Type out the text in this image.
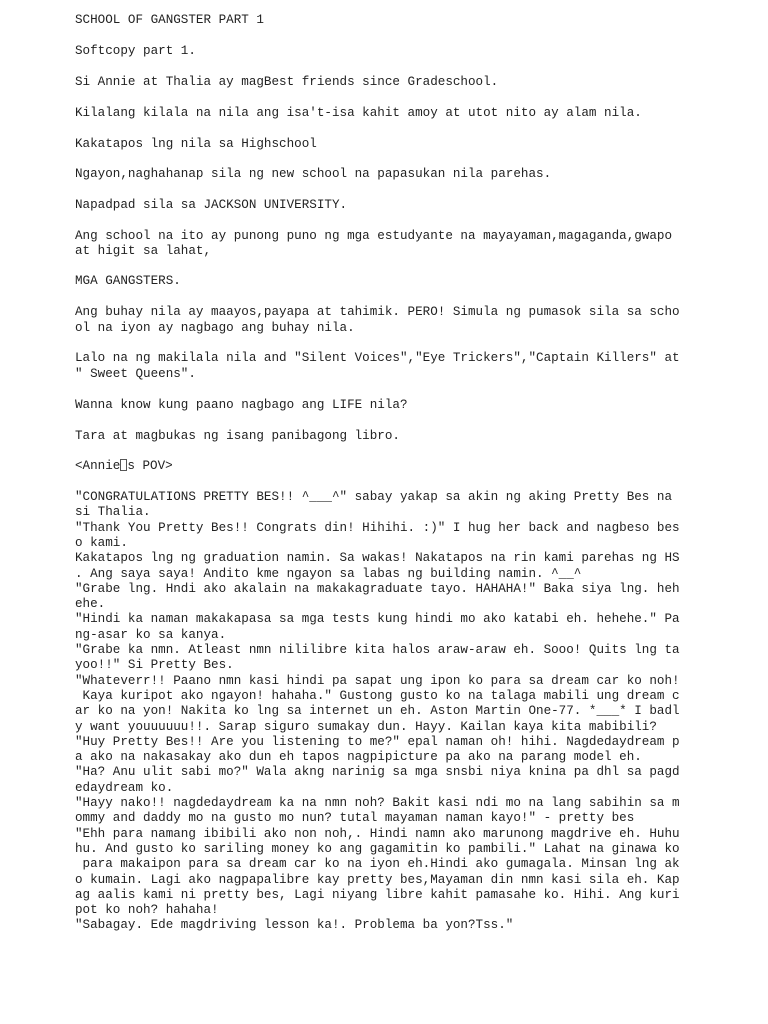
SCHOOL OF GANGSTER PART 1
Softcopy part 1.
Si Annie at Thalia ay magBest friends since Gradeschool.
Kilalang kilala na nila ang isa't-isa kahit amoy at utot nito ay alam nila.
Kakatapos lng nila sa Highschool
Ngayon,naghahanap sila ng new school na papasukan nila parehas.
Napadpad sila sa JACKSON UNIVERSITY.
Ang school na ito ay punong puno ng mga estudyante na mayayaman,magaganda,gwapo
at higit sa lahat,
MGA GANGSTERS.
Ang buhay nila ay maayos,payapa at tahimik. PERO! Simula ng pumasok sila sa scho
ol na iyon ay nagbago ang buhay nila.
Lalo na ng makilala nila and "Silent Voices","Eye Trickers","Captain Killers" at
" Sweet Queens".
Wanna know kung paano nagbago ang LIFE nila?
Tara at magbukas ng isang panibagong libro.
<Annie s POV>
"CONGRATULATIONS PRETTY BES!! ^___^" sabay yakap sa akin ng aking Pretty Bes na
si Thalia.
"Thank You Pretty Bes!! Congrats din! Hihihi. :)" I hug her back and nagbeso bes
o kami.
Kakatapos lng ng graduation namin. Sa wakas! Nakatapos na rin kami parehas ng HS
. Ang saya saya! Andito kme ngayon sa labas ng building namin. ^__^
"Grabe lng. Hndi ako akalain na makakagraduate tayo. HAHAHA!" Baka siya lng. heh
ehe.
"Hindi ka naman makakapasa sa mga tests kung hindi mo ako katabi eh. hehehe." Pa
ng-asar ko sa kanya.
"Grabe ka nmn. Atleast nmn nililibre kita halos araw-araw eh. Sooo! Quits lng ta
yoo!!" Si Pretty Bes.
"Whateverr!! Paano nmn kasi hindi pa sapat ung ipon ko para sa dream car ko noh!
Kaya kuripot ako ngayon! hahaha." Gustong gusto ko na talaga mabili ung dream c
ar ko na yon! Nakita ko lng sa internet un eh. Aston Martin One-77. *___* I badl
y want youuuuuu!!. Sarap siguro sumakay dun. Hayy. Kailan kaya kita mabibili?
"Huy Pretty Bes!! Are you listening to me?" epal naman oh! hihi. Nagdedaydream p
a ako na nakasakay ako dun eh tapos nagpipicture pa ako na parang model eh.
"Ha? Anu ulit sabi mo?" Wala akng narinig sa mga snsbi niya knina pa dhl sa pagd
edaydream ko.
"Hayy nako!! nagdedaydream ka na nmn noh? Bakit kasi ndi mo na lang sabihin sa m
ommy and daddy mo na gusto mo nun? tutal mayaman naman kayo!" - pretty bes
"Ehh para namang ibibili ako non noh,. Hindi namn ako marunong magdrive eh. Huhu
hu. And gusto ko sariling money ko ang gagamitin ko pambili." Lahat na ginawa ko
para makaipon para sa dream car ko na iyon eh.Hindi ako gumagala. Minsan lng ak
o kumain. Lagi ako nagpapalibre kay pretty bes,Mayaman din nmn kasi sila eh. Kap
ag aalis kami ni pretty bes, Lagi niyang libre kahit pamasahe ko. Hihi. Ang kuri
pot ko noh? hahaha!
"Sabagay. Ede magdriving lesson ka!. Problema ba yon?Tss."
